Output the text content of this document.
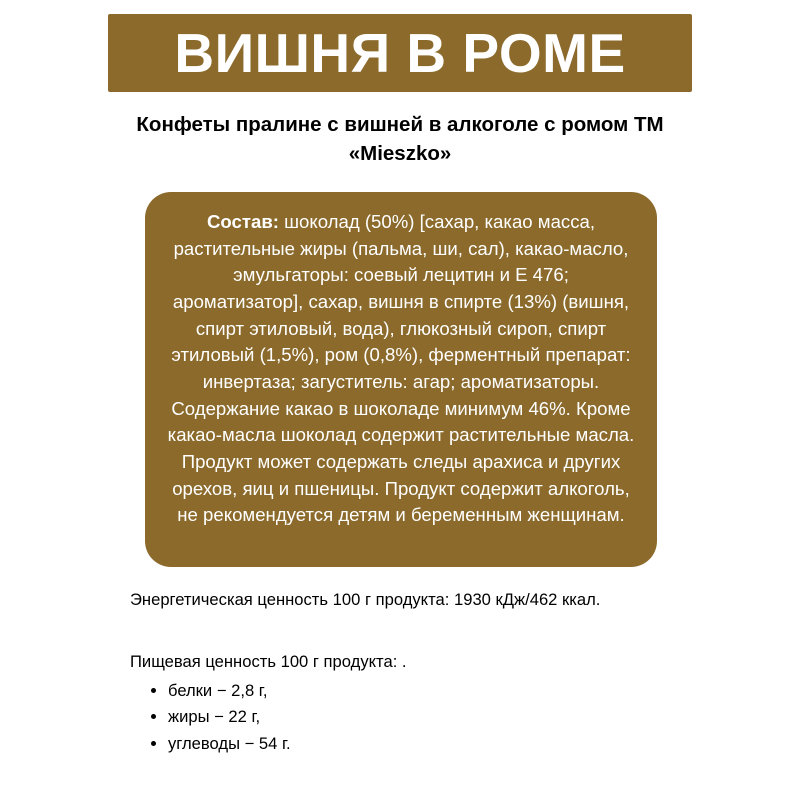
ВИШНЯ В РОМЕ
Конфеты пралине с вишней в алкоголе с ромом ТМ «Mieszko»
Состав: шоколад (50%) [сахар, какао масса, растительные жиры (пальма, ши, сал), какао-масло, эмульгаторы: соевый лецитин и Е 476; ароматизатор], сахар, вишня в спирте (13%) (вишня, спирт этиловый, вода), глюкозный сироп, спирт этиловый (1,5%), ром (0,8%), ферментный препарат: инвертаза; загуститель: агар; ароматизаторы. Содержание какао в шоколаде минимум 46%. Кроме какао-масла шоколад содержит растительные масла. Продукт может содержать следы арахиса и других орехов, яиц и пшеницы. Продукт содержит алкоголь, не рекомендуется детям и беременным женщинам.
Энергетическая ценность 100 г продукта: 1930 кДж/462 ккал.
Пищевая ценность 100 г продукта: .
• белки − 2,8 г,
• жиры − 22 г,
• углеводы − 54 г.
